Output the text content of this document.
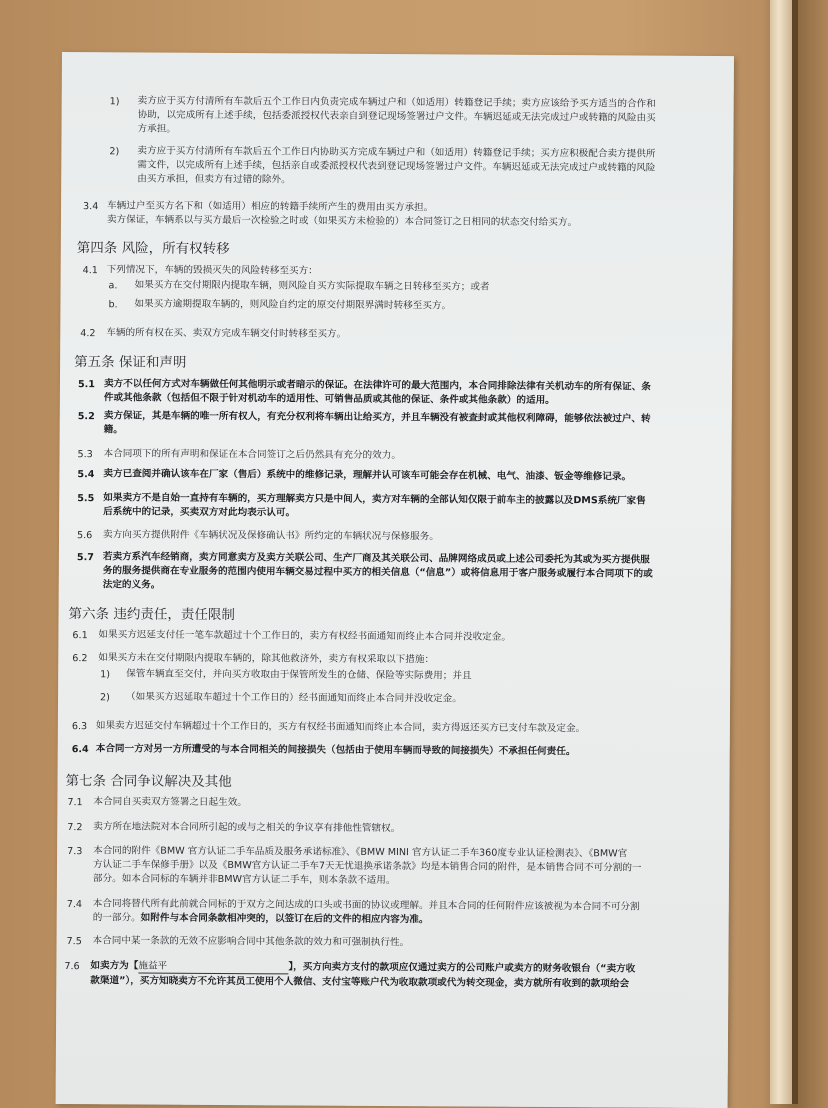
1) 卖方应于买方付清所有车款后五个工作日内负责完成车辆过户和（如适用）转籍登记手续；卖方应该给予买方适当的合作和
协助，以完成所有上述手续，包括委派授权代表亲自到登记现场签署过户文件。车辆迟延或无法完成过户或转籍的风险由买
方承担。
2) 卖方应于买方付清所有车款后五个工作日内协助买方完成车辆过户和（如适用）转籍登记手续；买方应积极配合卖方提供所
需文件，以完成所有上述手续，包括亲自或委派授权代表到登记现场签署过户文件。车辆迟延或无法完成过户或转籍的风险
由买方承担，但卖方有过错的除外。
3.4 车辆过户至买方名下和（如适用）相应的转籍手续所产生的费用由买方承担。
卖方保证，车辆系以与买方最后一次检验之时或（如果买方未检验的）本合同签订之日相同的状态交付给买方。
第四条 风险，所有权转移
4.1 下列情况下，车辆的毁损灭失的风险转移至买方：
a. 如果买方在交付期限内提取车辆，则风险自买方实际提取车辆之日转移至买方；或者
b. 如果买方逾期提取车辆的，则风险自约定的原交付期限界满时转移至买方。
4.2 车辆的所有权在买、卖双方完成车辆交付时转移至买方。
第五条 保证和声明
5.1 卖方不以任何方式对车辆做任何其他明示或者暗示的保证。在法律许可的最大范围内，本合同排除法律有关机动车的所有保证、条
件或其他条款（包括但不限于针对机动车的适用性、可销售品质或其他的保证、条件或其他条款）的适用。
5.2 卖方保证，其是车辆的唯一所有权人，有充分权利将车辆出让给买方，并且车辆没有被查封或其他权利障碍，能够依法被过户、转
籍。
5.3 本合同项下的所有声明和保证在本合同签订之后仍然具有充分的效力。
5.4 卖方已查阅并确认该车在厂家（售后）系统中的维修记录，理解并认可该车可能会存在机械、电气、油漆、钣金等维修记录。
5.5 如果卖方不是自始一直持有车辆的，买方理解卖方只是中间人，卖方对车辆的全部认知仅限于前车主的披露以及DMS系统厂家售
后系统中的记录，买卖双方对此均表示认可。
5.6 卖方向买方提供附件《车辆状况及保修确认书》所约定的车辆状况与保修服务。
5.7 若卖方系汽车经销商，卖方同意卖方及卖方关联公司、生产厂商及其关联公司、品牌网络成员或上述公司委托为其或为买方提供服
务的服务提供商在专业服务的范围内使用车辆交易过程中买方的相关信息（“信息”）或将信息用于客户服务或履行本合同项下的或
法定的义务。
第六条 违约责任，责任限制
6.1 如果买方迟延支付任一笔车款超过十个工作日的，卖方有权经书面通知而终止本合同并没收定金。
6.2 如果买方未在交付期限内提取车辆的，除其他救济外，卖方有权采取以下措施：
1) 保管车辆直至交付，并向买方收取由于保管所发生的仓储、保险等实际费用；并且
2) （如果买方迟延取车超过十个工作日的）经书面通知而终止本合同并没收定金。
6.3 如果卖方迟延交付车辆超过十个工作日的，买方有权经书面通知而终止本合同，卖方得返还买方已支付车款及定金。
6.4 本合同一方对另一方所遭受的与本合同相关的间接损失（包括由于使用车辆而导致的间接损失）不承担任何责任。
第七条 合同争议解决及其他
7.1 本合同自买卖双方签署之日起生效。
7.2 卖方所在地法院对本合同所引起的或与之相关的争议享有排他性管辖权。
7.3 本合同的附件《BMW 官方认证二手车品质及服务承诺标准》、《BMW MINI 官方认证二手车360度专业认证检测表》、《BMW官
方认证二手车保修手册》以及《BMW官方认证二手车7天无忧退换承诺条款》均是本销售合同的附件，是本销售合同不可分割的一
部分。如本合同标的车辆并非BMW官方认证二手车，则本条款不适用。
7.4 本合同将替代所有此前就合同标的于双方之间达成的口头或书面的协议或理解。并且本合同的任何附件应该被视为本合同不可分割
的一部分。如附件与本合同条款相冲突的，以签订在后的文件的相应内容为准。
7.5 本合同中某一条款的无效不应影响合同中其他条款的效力和可强制执行性。
7.6 如卖方为【施益平	】，买方向卖方支付的款项应仅通过卖方的公司账户或卖方的财务收银台（“卖方收
款渠道”），买方知晓卖方不允许其员工使用个人微信、支付宝等账户代为收取款项或代为转交现金，卖方就所有收到的款项给会
